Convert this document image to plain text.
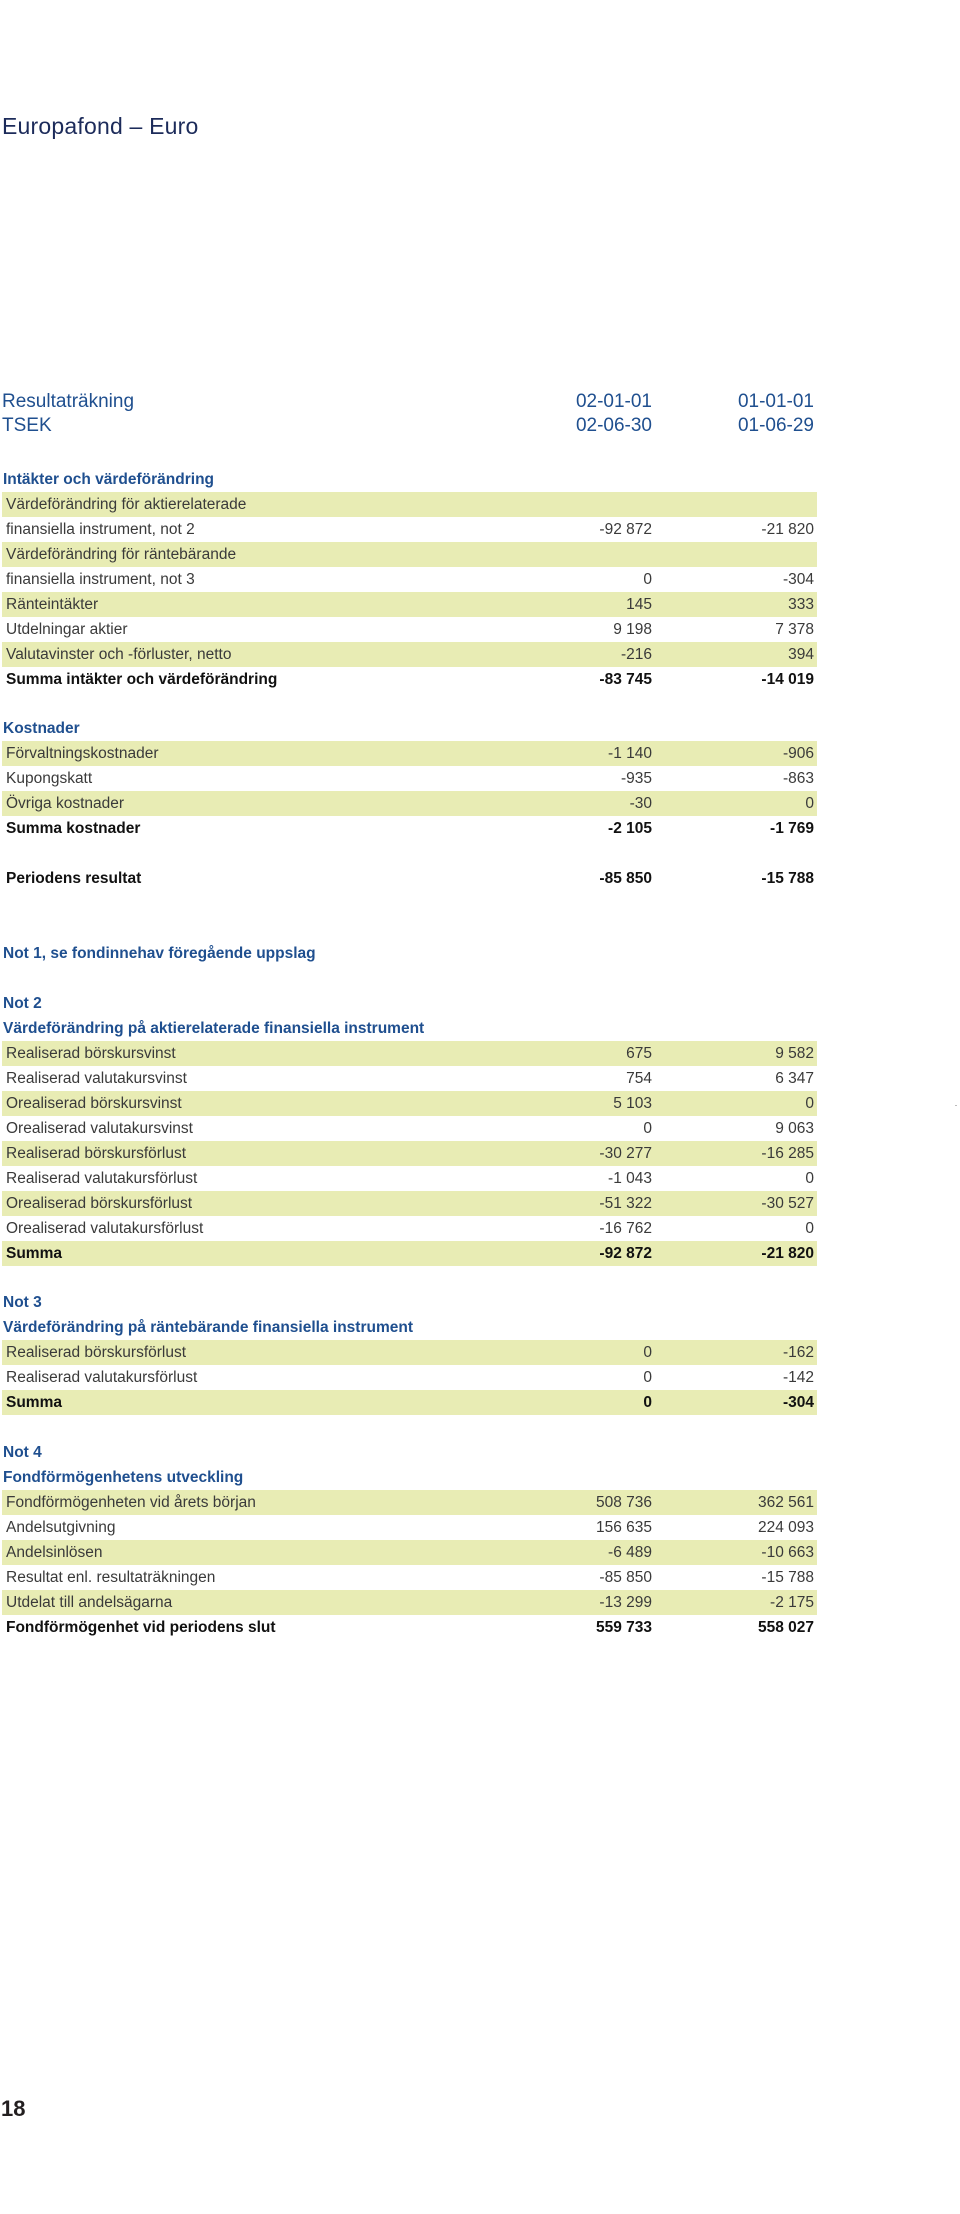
Europafond – Euro
Resultaträkning	02-01-01	01-01-01
TSEK	02-06-30	01-06-29
Intäkter och värdeförändring
Värdeförändring för aktierelaterade
finansiella instrument, not 2	-92 872	-21 820
Värdeförändring för räntebärande
finansiella instrument, not 3	0	-304
Ränteintäkter	145	333
Utdelningar aktier	9 198	7 378
Valutavinster och -förluster, netto	-216	394
Summa intäkter och värdeförändring	-83 745	-14 019
Kostnader
Förvaltningskostnader	-1 140	-906
Kupongskatt	-935	-863
Övriga kostnader	-30	0
Summa kostnader	-2 105	-1 769
Periodens resultat	-85 850	-15 788
Not 1, se fondinnehav föregående uppslag
Not 2
Värdeförändring på aktierelaterade finansiella instrument
Realiserad börskursvinst	675	9 582
Realiserad valutakursvinst	754	6 347
Orealiserad börskursvinst	5 103	0
Orealiserad valutakursvinst	0	9 063
Realiserad börskursförlust	-30 277	-16 285
Realiserad valutakursförlust	-1 043	0
Orealiserad börskursförlust	-51 322	-30 527
Orealiserad valutakursförlust	-16 762	0
Summa	-92 872	-21 820
Not 3
Värdeförändring på räntebärande finansiella instrument
Realiserad börskursförlust	0	-162
Realiserad valutakursförlust	0	-142
Summa	0	-304
Not 4
Fondförmögenhetens utveckling
Fondförmögenheten vid årets början	508 736	362 561
Andelsutgivning	156 635	224 093
Andelsinlösen	-6 489	-10 663
Resultat enl. resultaträkningen	-85 850	-15 788
Utdelat till andelsägarna	-13 299	-2 175
Fondförmögenhet vid periodens slut	559 733	558 027
18
